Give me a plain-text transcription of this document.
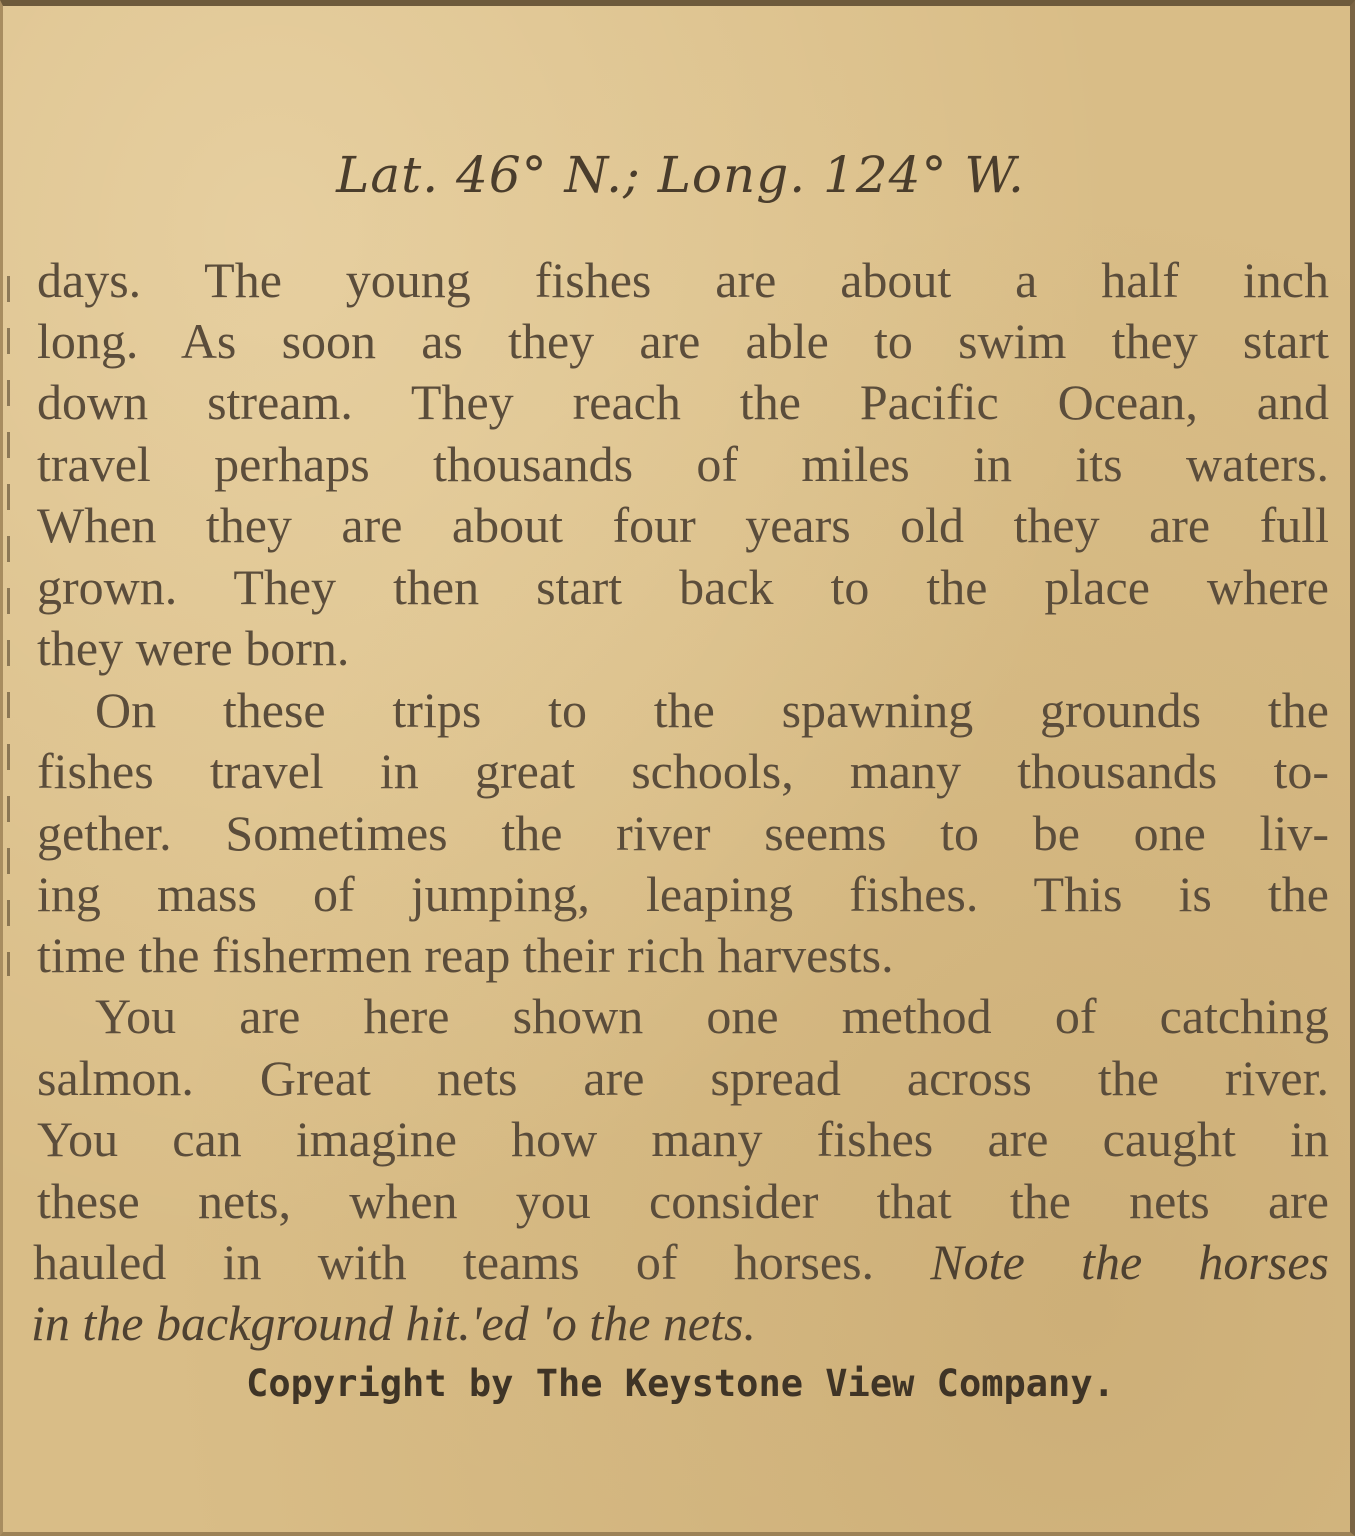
Lat. 46° N.; Long. 124° W.
days. The young fishes are about a half inch
long. As soon as they are able to swim they start
down stream. They reach the Pacific Ocean, and
travel perhaps thousands of miles in its waters.
When they are about four years old they are full
grown. They then start back to the place where
they were born.
On these trips to the spawning grounds the
fishes travel in great schools, many thousands to-
gether. Sometimes the river seems to be one liv-
ing mass of jumping, leaping fishes. This is the
time the fishermen reap their rich harvests.
You are here shown one method of catching
salmon. Great nets are spread across the river.
You can imagine how many fishes are caught in
these nets, when you consider that the nets are
hauled in with teams of horses. Note the horses
in the background hit.'ed 'o the nets.
Copyright by The Keystone View Company.
